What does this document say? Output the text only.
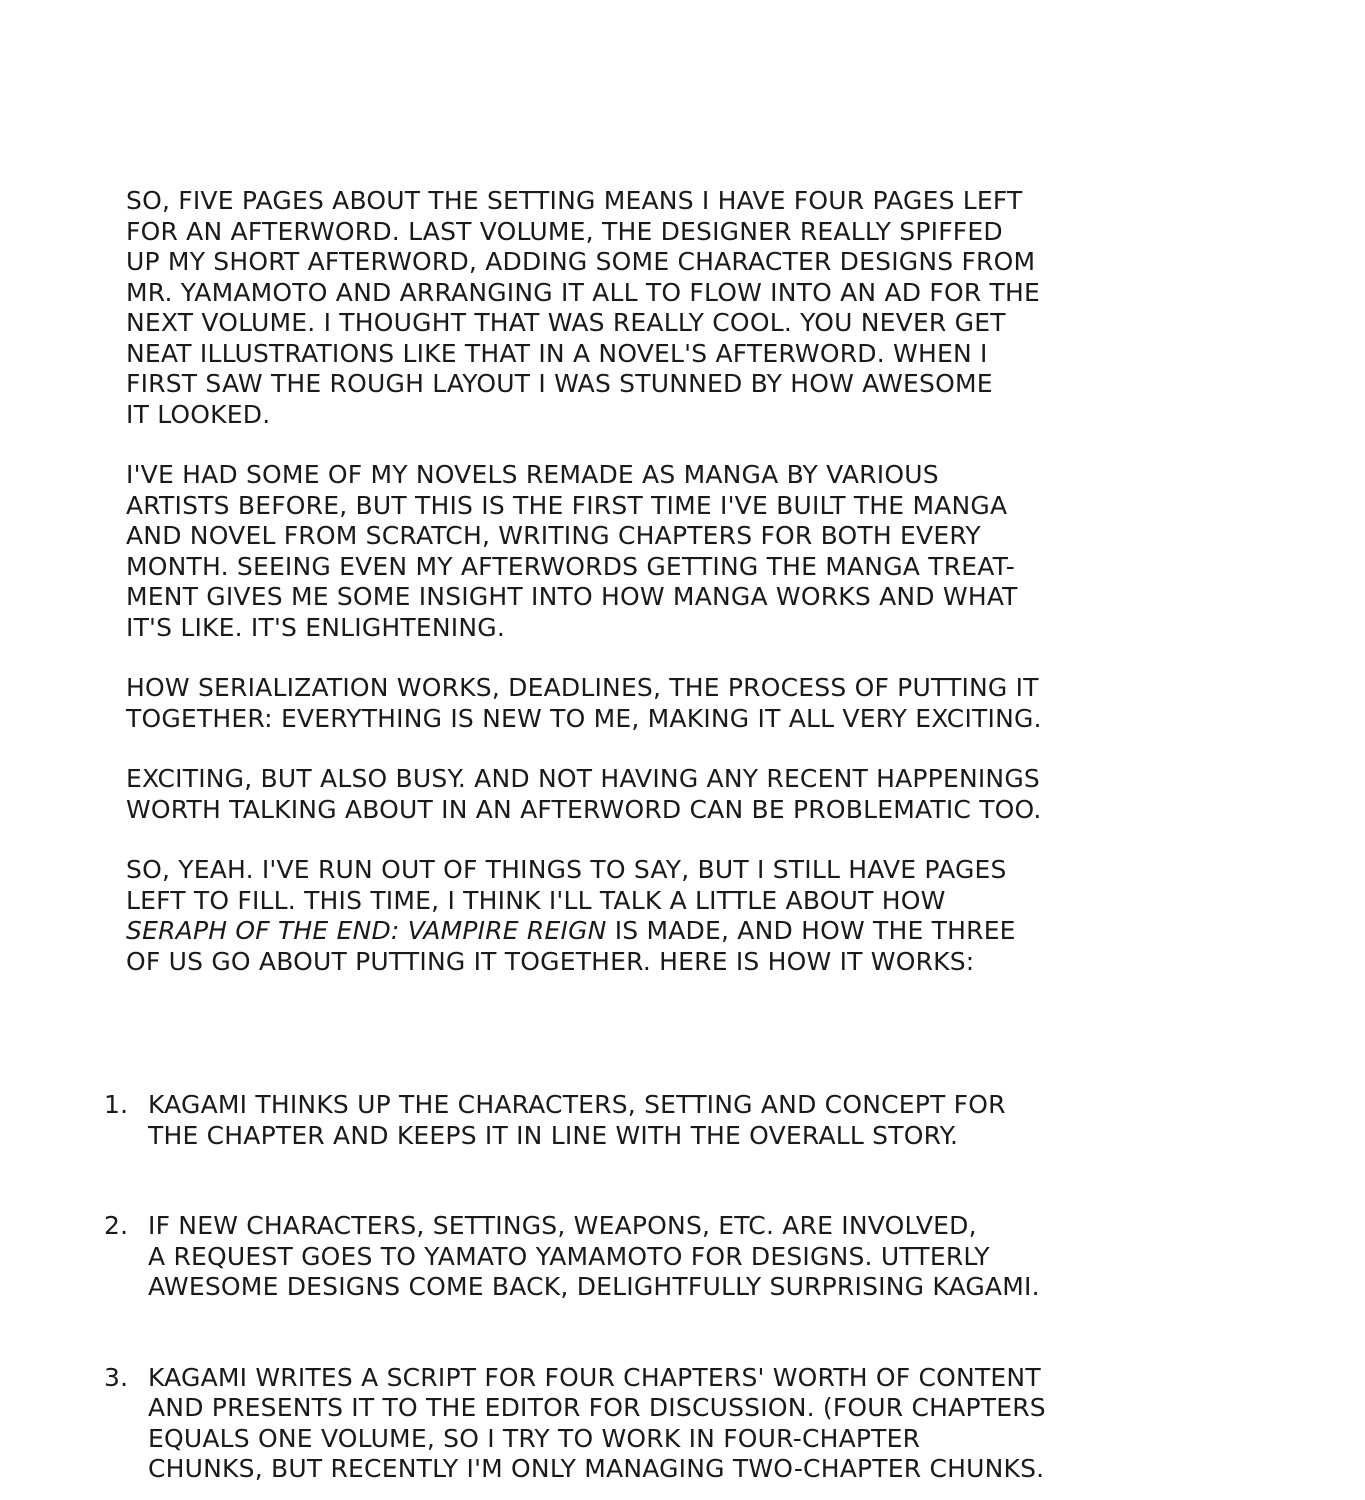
SO, FIVE PAGES ABOUT THE SETTING MEANS I HAVE FOUR PAGES LEFT
FOR AN AFTERWORD. LAST VOLUME, THE DESIGNER REALLY SPIFFED
UP MY SHORT AFTERWORD, ADDING SOME CHARACTER DESIGNS FROM
MR. YAMAMOTO AND ARRANGING IT ALL TO FLOW INTO AN AD FOR THE
NEXT VOLUME. I THOUGHT THAT WAS REALLY COOL. YOU NEVER GET
NEAT ILLUSTRATIONS LIKE THAT IN A NOVEL'S AFTERWORD. WHEN I
FIRST SAW THE ROUGH LAYOUT I WAS STUNNED BY HOW AWESOME
IT LOOKED.
I'VE HAD SOME OF MY NOVELS REMADE AS MANGA BY VARIOUS
ARTISTS BEFORE, BUT THIS IS THE FIRST TIME I'VE BUILT THE MANGA
AND NOVEL FROM SCRATCH, WRITING CHAPTERS FOR BOTH EVERY
MONTH. SEEING EVEN MY AFTERWORDS GETTING THE MANGA TREAT-
MENT GIVES ME SOME INSIGHT INTO HOW MANGA WORKS AND WHAT
IT'S LIKE. IT'S ENLIGHTENING.
HOW SERIALIZATION WORKS, DEADLINES, THE PROCESS OF PUTTING IT
TOGETHER: EVERYTHING IS NEW TO ME, MAKING IT ALL VERY EXCITING.
EXCITING, BUT ALSO BUSY. AND NOT HAVING ANY RECENT HAPPENINGS
WORTH TALKING ABOUT IN AN AFTERWORD CAN BE PROBLEMATIC TOO.
SO, YEAH. I'VE RUN OUT OF THINGS TO SAY, BUT I STILL HAVE PAGES
LEFT TO FILL. THIS TIME, I THINK I'LL TALK A LITTLE ABOUT HOW
SERAPH OF THE END: VAMPIRE REIGN IS MADE, AND HOW THE THREE
OF US GO ABOUT PUTTING IT TOGETHER. HERE IS HOW IT WORKS:
1. KAGAMI THINKS UP THE CHARACTERS, SETTING AND CONCEPT FOR
THE CHAPTER AND KEEPS IT IN LINE WITH THE OVERALL STORY.
2. IF NEW CHARACTERS, SETTINGS, WEAPONS, ETC. ARE INVOLVED,
A REQUEST GOES TO YAMATO YAMAMOTO FOR DESIGNS. UTTERLY
AWESOME DESIGNS COME BACK, DELIGHTFULLY SURPRISING KAGAMI.
3. KAGAMI WRITES A SCRIPT FOR FOUR CHAPTERS' WORTH OF CONTENT
AND PRESENTS IT TO THE EDITOR FOR DISCUSSION. (FOUR CHAPTERS
EQUALS ONE VOLUME, SO I TRY TO WORK IN FOUR-CHAPTER
CHUNKS, BUT RECENTLY I'M ONLY MANAGING TWO-CHAPTER CHUNKS.
